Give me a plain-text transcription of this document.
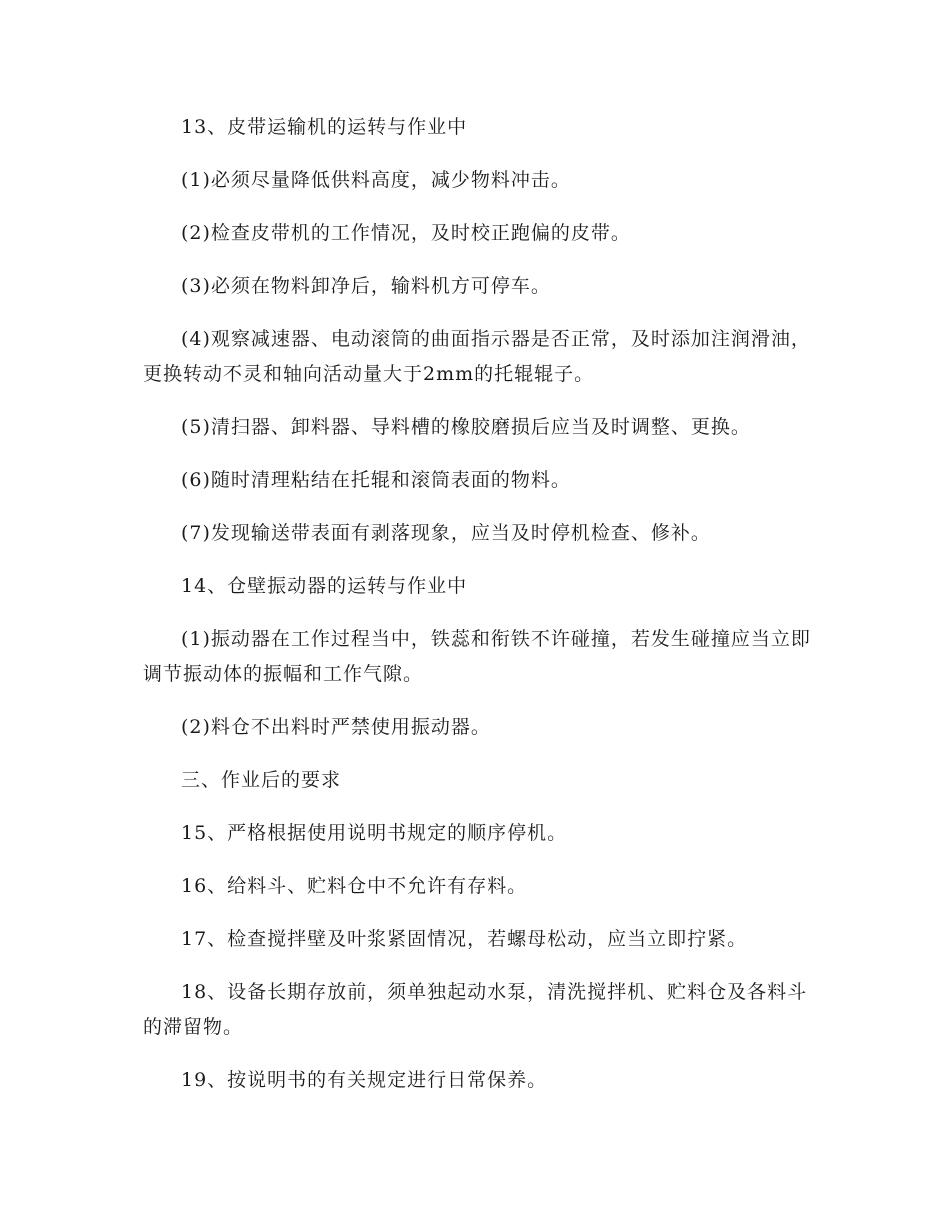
13、皮带运输机的运转与作业中

(1)必须尽量降低供料高度，减少物料冲击。

(2)检查皮带机的工作情况，及时校正跑偏的皮带。

(3)必须在物料卸净后，输料机方可停车。

(4)观察减速器、电动滚筒的曲面指示器是否正常，及时添加注润滑油，更换转动不灵和轴向活动量大于2mm的托辊辊子。

(5)清扫器、卸料器、导料槽的橡胶磨损后应当及时调整、更换。

(6)随时清理粘结在托辊和滚筒表面的物料。

(7)发现输送带表面有剥落现象，应当及时停机检查、修补。

14、仓壁振动器的运转与作业中

(1)振动器在工作过程当中，铁蕊和衔铁不许碰撞，若发生碰撞应当立即调节振动体的振幅和工作气隙。

(2)料仓不出料时严禁使用振动器。

三、作业后的要求

15、严格根据使用说明书规定的顺序停机。

16、给料斗、贮料仓中不允许有存料。

17、检查搅拌壁及叶浆紧固情况，若螺母松动，应当立即拧紧。

18、设备长期存放前，须单独起动水泵，清洗搅拌机、贮料仓及各料斗的滞留物。

19、按说明书的有关规定进行日常保养。
